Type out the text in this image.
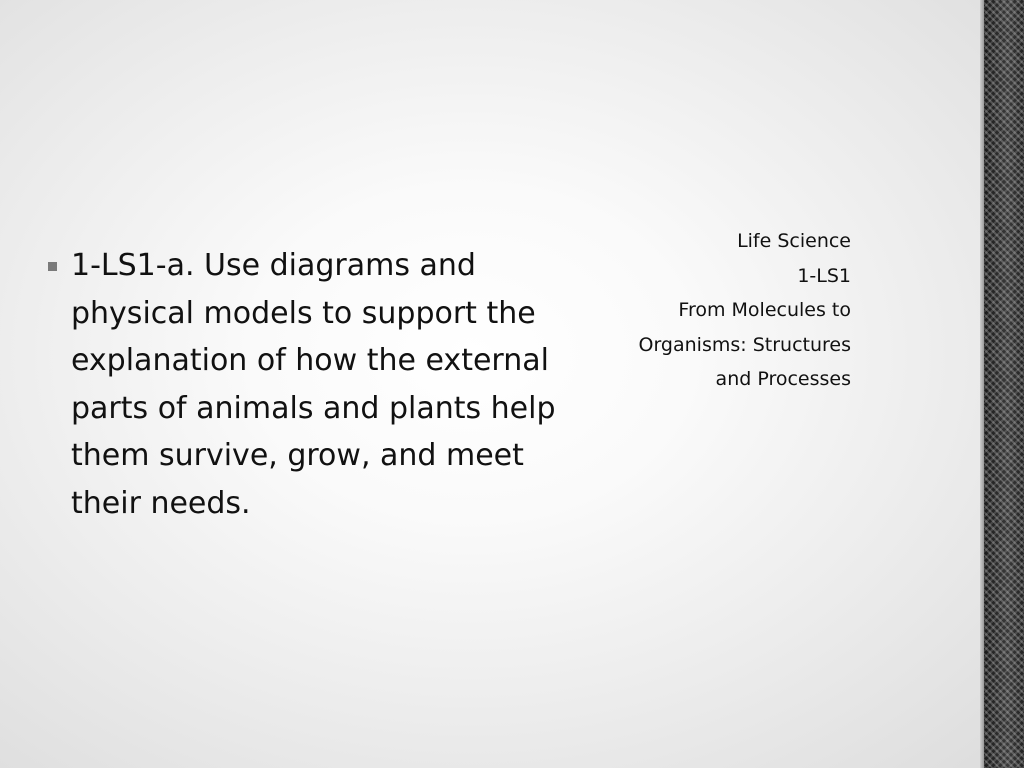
1-LS1-a. Use diagrams and physical models to support the explanation of how the external parts of animals and plants help them survive, grow, and meet their needs.
Life Science
1-LS1
From Molecules to
Organisms: Structures
and Processes
